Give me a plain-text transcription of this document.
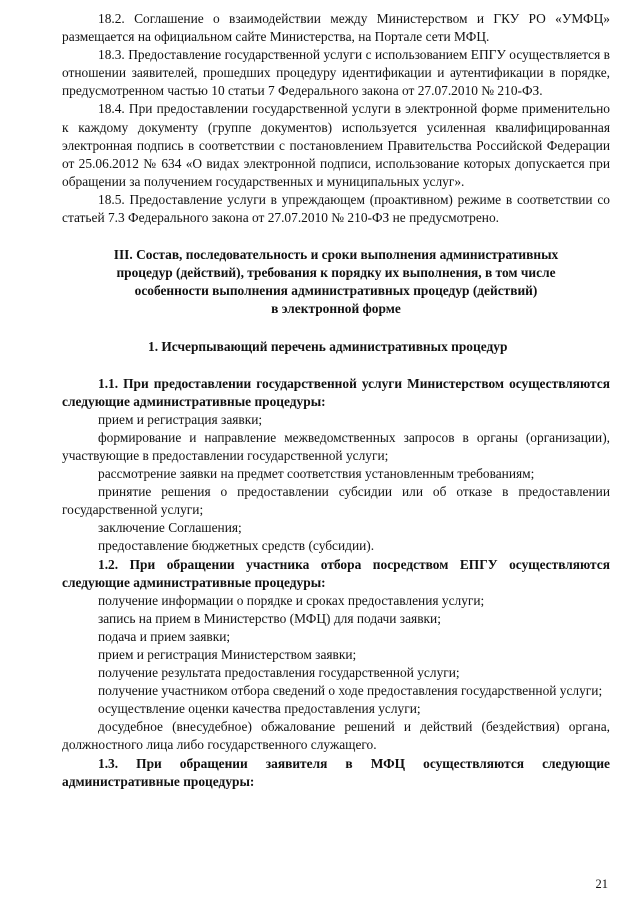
18.2. Соглашение о взаимодействии между Министерством и ГКУ РО «УМФЦ» размещается на официальном сайте Министерства, на Портале сети МФЦ.

18.3. Предоставление государственной услуги с использованием ЕПГУ осуществляется в отношении заявителей, прошедших процедуру идентификации и аутентификации в порядке, предусмотренном частью 10 статьи 7 Федерального закона от 27.07.2010 № 210-ФЗ.

18.4. При предоставлении государственной услуги в электронной форме применительно к каждому документу (группе документов) используется усиленная квалифицированная электронная подпись в соответствии с постановлением Правительства Российской Федерации от 25.06.2012 № 634 «О видах электронной подписи, использование которых допускается при обращении за получением государственных и муниципальных услуг».

18.5. Предоставление услуги в упреждающем (проактивном) режиме в соответствии со статьей 7.3 Федерального закона от 27.07.2010 № 210-ФЗ не предусмотрено.

III. Состав, последовательность и сроки выполнения административных

процедур (действий), требования к порядку их выполнения, в том числе

особенности выполнения административных процедур (действий)

в электронной форме

1. Исчерпывающий перечень административных процедур

1.1. При предоставлении государственной услуги Министерством осуществляются следующие административные процедуры:

прием и регистрация заявки;

формирование и направление межведомственных запросов в органы (организации), участвующие в предоставлении государственной услуги;

рассмотрение заявки на предмет соответствия установленным требованиям;

принятие решения о предоставлении субсидии или об отказе в предоставлении государственной услуги;

заключение Соглашения;

предоставление бюджетных средств (субсидии).

1.2. При обращении участника отбора посредством ЕПГУ осуществляются следующие административные процедуры:

получение информации о порядке и сроках предоставления услуги;

запись на прием в Министерство (МФЦ) для подачи заявки;

подача и прием заявки;

прием и регистрация Министерством заявки;

получение результата предоставления государственной услуги;

получение участником отбора сведений о ходе предоставления государственной услуги;

осуществление оценки качества предоставления услуги;

досудебное (внесудебное) обжалование решений и действий (бездействия) органа, должностного лица либо государственного служащего.

1.3. При обращении заявителя в МФЦ осуществляются следующие административные процедуры:

21
